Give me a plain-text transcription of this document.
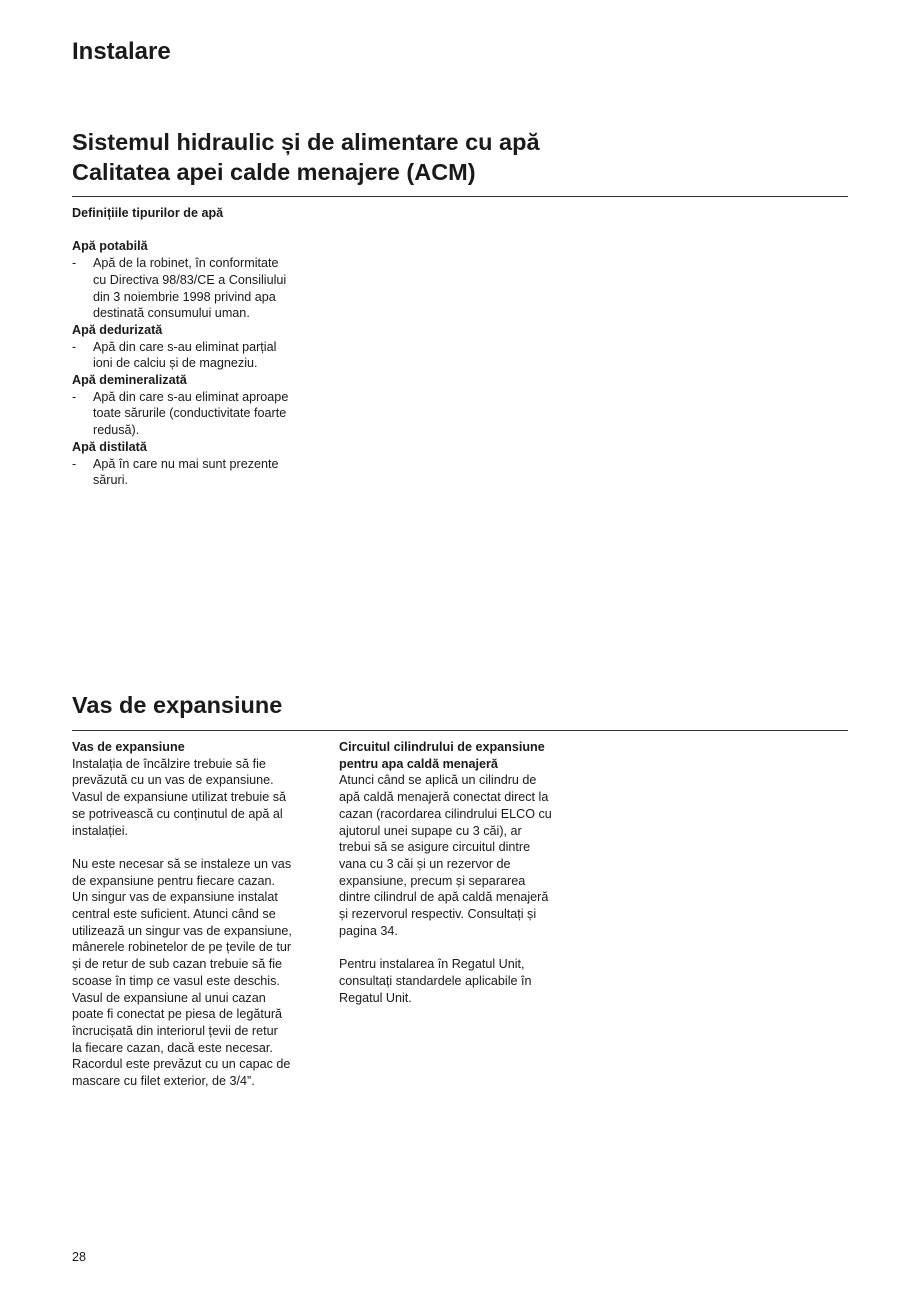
Instalare
Sistemul hidraulic și de alimentare cu apă
Calitatea apei calde menajere (ACM)
Definițiile tipurilor de apă
Apă potabilă
-	Apă de la robinet, în conformitate
cu Directiva 98/83/CE a Consiliului
din 3 noiembrie 1998 privind apa
destinată consumului uman.
Apă dedurizată
-	Apă din care s-au eliminat parțial
ioni de calciu și de magneziu.
Apă demineralizată
-	Apă din care s-au eliminat aproape
toate sărurile (conductivitate foarte
redusă).
Apă distilată
-	Apă în care nu mai sunt prezente
săruri.
Vas de expansiune
Vas de expansiune
Instalația de încălzire trebuie să fie
prevăzută cu un vas de expansiune.
Vasul de expansiune utilizat trebuie să
se potrivească cu conținutul de apă al
instalației.
Nu este necesar să se instaleze un vas
de expansiune pentru fiecare cazan.
Un singur vas de expansiune instalat
central este suficient. Atunci când se
utilizează un singur vas de expansiune,
mânerele robinetelor de pe țevile de tur
și de retur de sub cazan trebuie să fie
scoase în timp ce vasul este deschis.
Vasul de expansiune al unui cazan
poate fi conectat pe piesa de legătură
încrucișată din interiorul țevii de retur
la fiecare cazan, dacă este necesar.
Racordul este prevăzut cu un capac de
mascare cu filet exterior, de 3/4”.
Circuitul cilindrului de expansiune
pentru apa caldă menajeră
Atunci când se aplică un cilindru de
apă caldă menajeră conectat direct la
cazan (racordarea cilindrului ELCO cu
ajutorul unei supape cu 3 căi), ar
trebui să se asigure circuitul dintre
vana cu 3 căi și un rezervor de
expansiune, precum și separarea
dintre cilindrul de apă caldă menajeră
și rezervorul respectiv. Consultați și
pagina 34.
Pentru instalarea în Regatul Unit,
consultați standardele aplicabile în
Regatul Unit.
28
